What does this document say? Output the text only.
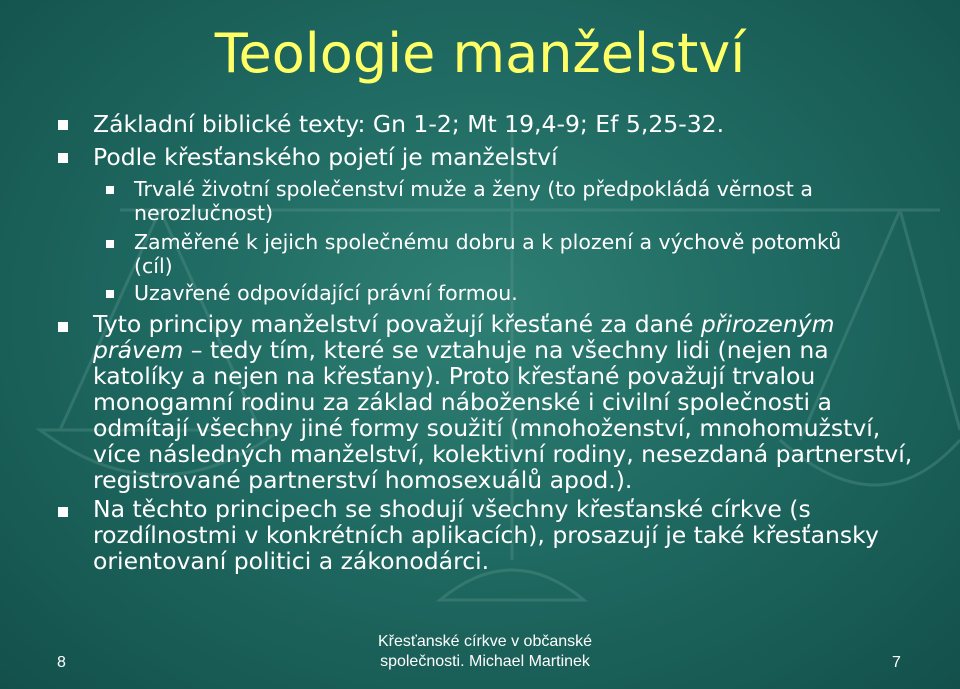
Teologie manželství
Základní biblické texty: Gn 1-2; Mt 19,4-9; Ef 5,25-32.
Podle křesťanského pojetí je manželství
Trvalé životní společenství muže a ženy (to předpokládá věrnost a
nerozlučnost)
Zaměřené k jejich společnému dobru a k plození a výchově potomků
(cíl)
Uzavřené odpovídající právní formou.
Tyto principy manželství považují křesťané za dané přirozeným
právem – tedy tím, které se vztahuje na všechny lidi (nejen na
katolíky a nejen na křesťany). Proto křesťané považují trvalou
monogamní rodinu za základ náboženské i civilní společnosti a
odmítají všechny jiné formy soužití (mnohoženství, mnohomužství,
více následných manželství, kolektivní rodiny, nesezdaná partnerství,
registrované partnerství homosexuálů apod.).
Na těchto principech se shodují všechny křesťanské církve (s
rozdílnostmi v konkrétních aplikacích), prosazují je také křesťansky
orientovaní politici a zákonodárci.
8
Křesťanské církve v občanské
společnosti. Michael Martinek	7
